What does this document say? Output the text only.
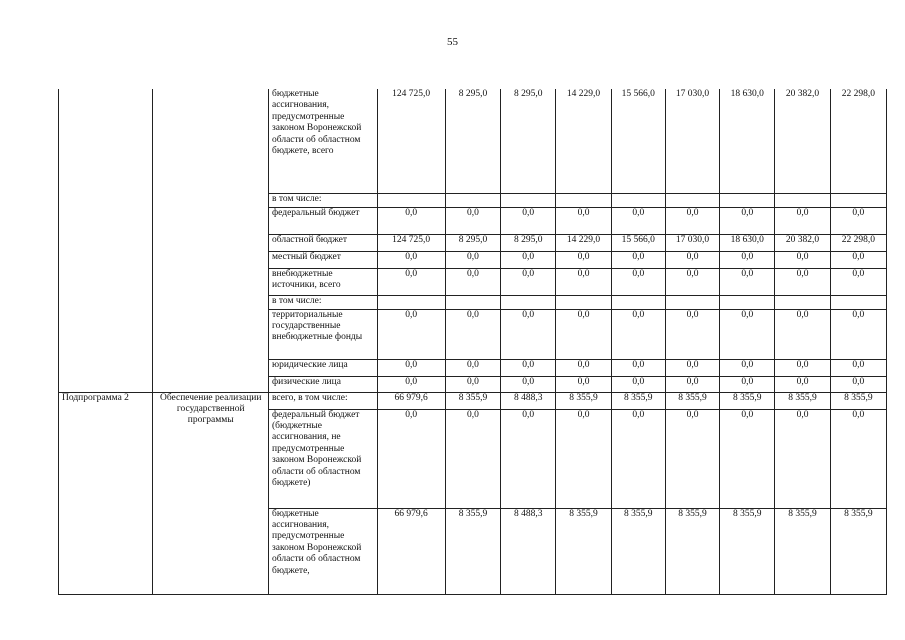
55
		бюджетные ассигнования, предусмотренные законом Воронежской области об областном бюджете, всего	124 725,0	8 295,0	8 295,0	14 229,0	15 566,0	17 030,0	18 630,0	20 382,0	22 298,0
		в том числе:									
		федеральный бюджет	0,0	0,0	0,0	0,0	0,0	0,0	0,0	0,0	0,0
		областной бюджет	124 725,0	8 295,0	8 295,0	14 229,0	15 566,0	17 030,0	18 630,0	20 382,0	22 298,0
		местный бюджет	0,0	0,0	0,0	0,0	0,0	0,0	0,0	0,0	0,0
		внебюджетные источники, всего	0,0	0,0	0,0	0,0	0,0	0,0	0,0	0,0	0,0
		в том числе:									
		территориальные государственные внебюджетные фонды	0,0	0,0	0,0	0,0	0,0	0,0	0,0	0,0	0,0
		юридические лица	0,0	0,0	0,0	0,0	0,0	0,0	0,0	0,0	0,0
		физические лица	0,0	0,0	0,0	0,0	0,0	0,0	0,0	0,0	0,0
Подпрограмма 2	Обеспечение реализации государственной программы	всего, в том числе:	66 979,6	8 355,9	8 488,3	8 355,9	8 355,9	8 355,9	8 355,9	8 355,9	8 355,9
		федеральный бюджет (бюджетные ассигнования, не предусмотренные законом Воронежской области об областном бюджете)	0,0	0,0	0,0	0,0	0,0	0,0	0,0	0,0	0,0
		бюджетные ассигнования, предусмотренные законом Воронежской области об областном бюджете,	66 979,6	8 355,9	8 488,3	8 355,9	8 355,9	8 355,9	8 355,9	8 355,9	8 355,9
